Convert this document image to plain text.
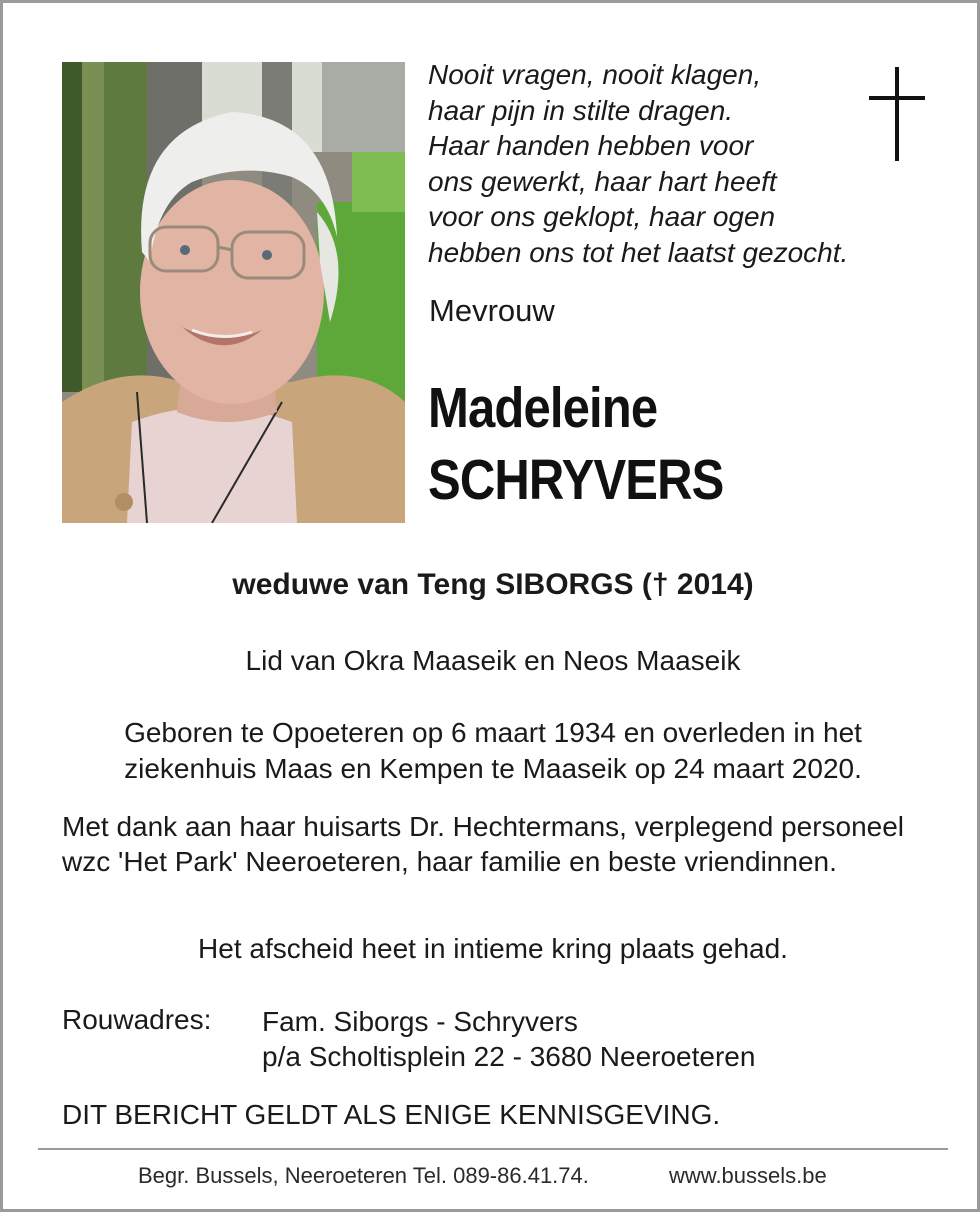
Nooit vragen, nooit klagen,
haar pijn in stilte dragen.
Haar handen hebben voor
ons gewerkt, haar hart heeft
voor ons geklopt, haar ogen
hebben ons tot het laatst gezocht.
Mevrouw
Madeleine
SCHRYVERS
weduwe van Teng SIBORGS († 2014)
Lid van Okra Maaseik en Neos Maaseik
Geboren te Opoeteren op 6 maart 1934 en overleden in het
ziekenhuis Maas en Kempen te Maaseik op 24 maart 2020.
Met dank aan haar huisarts Dr. Hechtermans, verplegend personeel wzc 'Het Park' Neeroeteren, haar familie en beste vriendinnen.
Het afscheid heet in intieme kring plaats gehad.
Rouwadres: Fam. Siborgs - Schryvers
p/a Scholtisplein 22 - 3680 Neeroeteren
DIT BERICHT GELDT ALS ENIGE KENNISGEVING.
Begr. Bussels, Neeroeteren Tel. 089-86.41.74.	www.bussels.be
